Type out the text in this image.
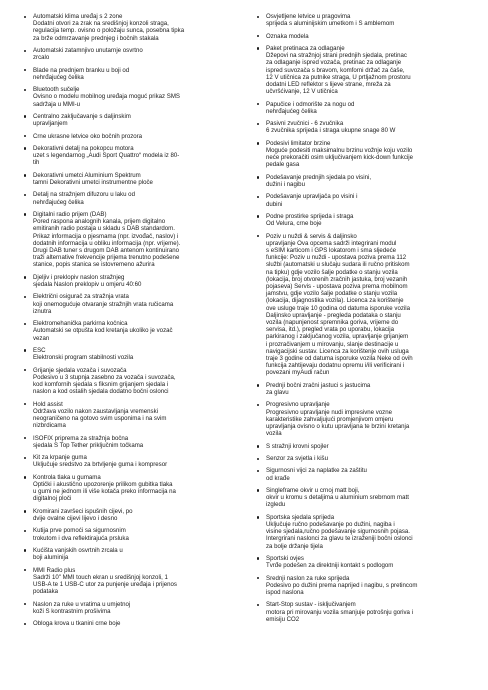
Automatski klima uređaj s 2 zone
Dodatni otvori za zrak na središnjoj konzoli straga,
regulacija temp. ovisno o položaju sunca, posebna tipka
za brže odmrzavanje prednjeg i bočnih stakala
Automatski zatamnjivo unutarnje osvrtno
zrcalo
Blade na prednjem branku u boji od
nehrđajućeg čelika
Bluetooth sučelje
Ovisno o modelu mobilnog uređaja moguć prikaz SMS
sadržaja u MMI-u
Centralno zaključavanje s daljinskim
upravljanjem
Crne ukrasne letvice oko bočnih prozora
Dekorativni detalj na pokopcu motora
uzet s legendarnog „Audi Sport Quattro“ modela iz 80-
tih
Dekorativni umetci Aluminium Spektrum
tamni Dekorativni umetci instrumentne ploče
Detalj na stražnjem difuzoru u laku od
nehrđajućeg čelika
Digitalni radio prijem (DAB)
Pored raspona analognih kanala, prijem digitalno
emitiranih radio postaja u skladu s DAB standardom.
Prikaz informacija o pjesmama (npr. izvođač, naslov) i
dodatnih informacija u obliku informacija (npr. vrijeme).
Drugi DAB tuner s drugom DAB antenom kontinuirano
traži alternative frekvencije prijema trenutno podešene
stanice, popis stanica se istovremeno ažurira
Djeljiv i preklopiv naslon stražnjeg
sjedala Naslon preklopiv u omjeru 40:60
Električni osigurač za stražnja vrata
koji onemogućuje otvaranje stražnjih vrata ručicama
iznutra
Elektromehanička parkirna kočnica
Automatski se otpušta kod kretanja ukoliko je vozač
vezan
ESC
Elektronski program stabilnosti vozila
Grijanje sjedala vozača i suvozača
Podesivo u 3 stupnja zasebno za vozača i suvozača,
kod komfornih sjedala s fiksnim grijanjem sjedala i
naslon a kod ostalih sjedala dodatno bočni oslonci
Hold assist
Održava vozilo nakon zaustavljanja vremenski
neograničeno na gotovo svim usponima i na svim
nizbrdicama
ISOFIX priprema za stražnja bočna
sjedala S Top Tether priključnim točkama
Kit za krpanje guma
Uključuje sredstvo za brtvljenje guma i kompresor
Kontrola tlaka u gumama
Optički i akustično upozorenje prilikom gubitka tlaka
u gumi ne jednom ili više kotača preko informacija na
digitalnoj ploči
Kromirani završeci ispušnih cijevi, po
dvije ovalne cijevi lijevo i desno
Kutija prve pomoći sa sigurnosnim
trokutom i dva reflektirajuća prsluka
Kućišta vanjskih osvrtnih zrcala u
boji aluminija
MMI Radio plus
Sadrži 10" MMI touch ekran u središnjoj konzoli, 1
USB-A te 1 USB-C utor za punjenje uređaja i prijenos
podataka
Naslon za ruke u vratima u umjetnoj
koži S kontrastnim prošivima
Obloga krova u tkanini crne boje
Osvjetljene letvice u pragovima
sprijeda s aluminijskim umetkom i S amblemom
Oznaka modela
Paket pretinaca za odlaganje
Džepovi na stražnjoj strani prednjih sjedala, pretinac
za odlaganje ispred vozača, pretinac za odlaganje
ispred suvozača s bravom, komforni držač za čaše,
12 V utičnica za putnike straga, U prtljažnom prostoru
dodatni LED reflektor s lijeve strane, mreža za
učvršćivanje, 12 V utičnica
Papučice i odmorište za nogu od
nehrđajućeg čelika
Pasivni zvučnici - 6 zvučnika
6 zvučnika sprijeda i straga ukupne snage 80 W
Podesivi limitator brzine
Moguće podesiti maksimalnu brzinu vožnje koju vozilo
neće prekoračiti osim uključivanjem kick-down funkcije
pedale gasa
Podešavanje prednjih sjedala po visini,
dužini i nagibu
Podešavanje upravljača po visini i
dubini
Podne prostirke sprijeda i straga
Od Velura, crne boje
Poziv u nuždi & servis & daljinsko
upravljanje Ova opcema sadrži integrirani modul
s eSIM karticom i GPS lokatorom i sma sljedeće
funkcije: Poziv u nuždi - upostava poziva prema 112
službi (automatski u slučaju sudara ili ručno pritiskom
na tipku) gdje vozilo šalje podatke o stanju vozila
(lokacija, broj otvorenih zračnih jastuka, broj vezanih
pojaseva) Servis - upostava poziva prema mobilnom
jamstvu, gdje vozilo šalje podatke o stanju vozila
(lokacija, dijagnostika vozila). Licenca za korištenje
ove usluge traje 10 godina od datuma isporuke vozila
Daljinsko upravljanje - pregleda podataka o stanju
vozila (napunjenost spremnika goriva, vrijeme do
servisa, itd.), pregled vrata po uporabu, lokacija
parkiranog i zaključanog vozila, upravljanje grijanjem
i prozračivanjem u mirovanju, slanje destinacije u
navigacijski sustav. Licenca za korištenje ovih usluga
traje 3 godine od datuma isporuke vozila Neke od ovih
funkcija zahtijevaju dodatnu opremu i/ili verificirani i
povezani myAudi račun
Prednji bočni zračni jastuci s jastucima
za glavu
Progresivno upravljanje
Progresivno upravljanje nudi impresivne vozne
karakteristike zahvaljujući promjenjivom omjeru
upravljanja ovisno o kutu upravljana te brzini kretanja
vozila
S stražnji krovni spojler
Senzor za svjetla i kišu
Sigurnosni vijci za naplatke za zaštitu
od krađe
Singleframe okvir u crnoj matt boji,
okvir u kromu s detaljima u aluminium srebrnom matt
izgledu
Sportska sjedala sprijeda
Uključuje ručno podešavanje po dužini, nagiba i
visine sjedala,ručno podešavanje sigurnosnih pojasa.
Intergrirani naslonci za glavu te izraženiji bočni oslonci
za bolje držanje tijela
Sportski ovjes
Tvrđe podešen za direktniji kontakt s podlogom
Srednji naslon za ruke sprijeda
Podesivo po dužini prema naprijed i nagibu, s pretincom
ispod naslona
Start-Stop sustav - isključivanjem
motora pri mirovanju vozila smanjuje potrošnju goriva i
emisiju CO2
